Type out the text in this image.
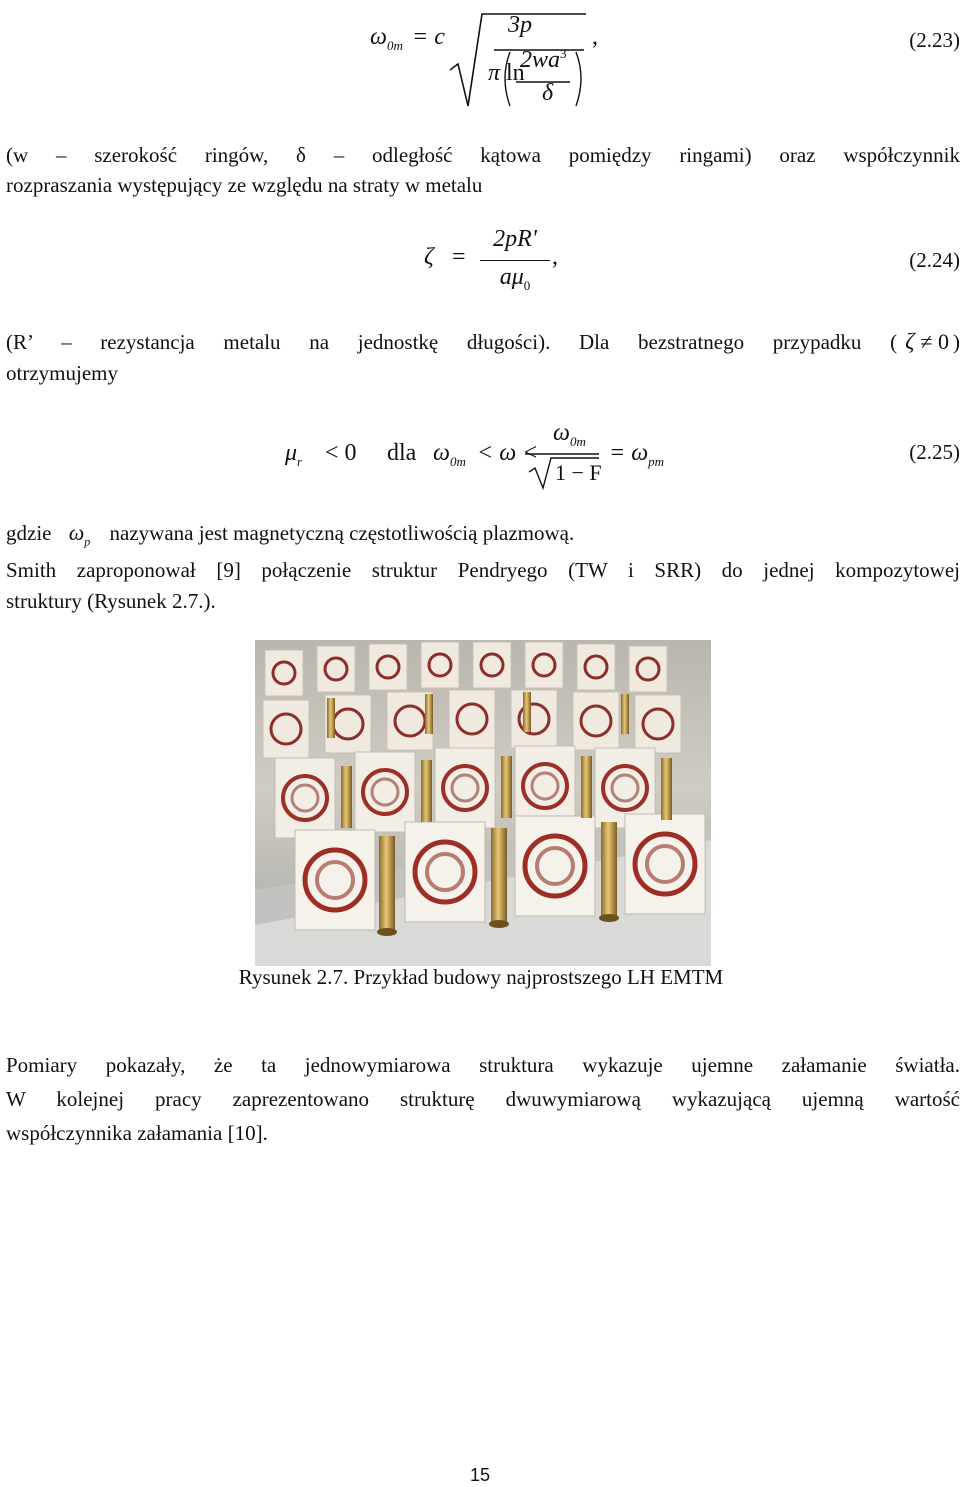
$\omega_{0m} = c$	3p
π ln
$2wa^3$
δ
,	(2.23)
(w – szerokość ringów, δ – odległość kątowa pomiędzy ringami) oraz współczynnik
rozpraszania występujący ze względu na straty w metalu
ζ =
2pR'
$a\mu_0$
,	(2.24)
(R’ – rezystancja metalu na jednostkę długości). Dla bezstratnego przypadku ( ζ ≠ 0 )
otrzymujemy
$\mu_r < 0$ dla $\omega_{0m} < \omega$ <
$\omega_{0m}$
1 − F
= $\omega_{pm}$	(2.25)
gdzie $\omega_p$ nazywana jest magnetyczną częstotliwością plazmową.
Smith zaproponował [9] połączenie struktur Pendryego (TW i SRR) do jednej kompozytowej
struktury (Rysunek 2.7.).
Rysunek 2.7. Przykład budowy najprostszego LH EMTM
Pomiary pokazały, że ta jednowymiarowa struktura wykazuje ujemne załamanie światła.
W kolejnej pracy zaprezentowano strukturę dwuwymiarową wykazującą ujemną wartość
współczynnika załamania [10].
15
